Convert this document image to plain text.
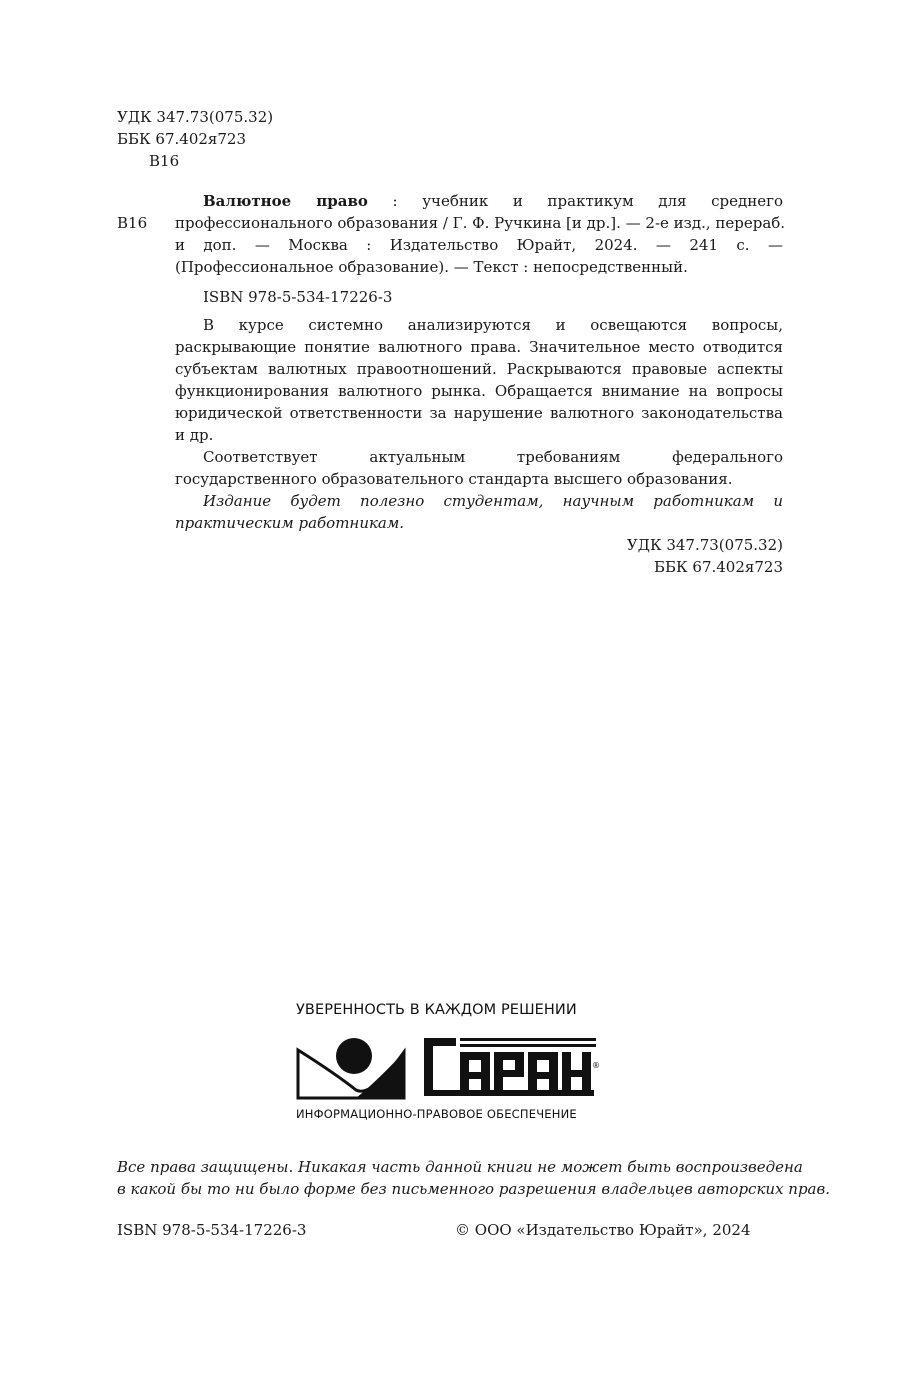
УДК 347.73(075.32)
ББК 67.402я723
В16
В16
Валютное право : учебник и практикум для среднего
профессионального образования / Г. Ф. Ручкина [и др.]. — 2-е изд., перераб.
и доп. — Москва : Издательство Юрайт, 2024. — 241 с. —
(Профессиональное образование). — Текст : непосредственный.
ISBN 978-5-534-17226-3
В курсе системно анализируются и освещаются вопросы, раскрывающие понятие валютного права. Значительное место отводится субъектам валютных правоотношений. Раскрываются правовые аспекты функционирования валютного рынка. Обращается внимание на вопросы юридической ответственности за нарушение валютного законодательства и др.
Соответствует актуальным требованиям федерального государственного образовательного стандарта высшего образования.
Издание будет полезно студентам, научным работникам и практическим работникам.
УДК 347.73(075.32)
ББК 67.402я723
УВЕРЕННОСТЬ В КАЖДОМ РЕШЕНИИ
®
ИНФОРМАЦИОННО-ПРАВОВОЕ ОБЕСПЕЧЕНИЕ
Все права защищены. Никакая часть данной книги не может быть воспроизведена
в какой бы то ни было форме без письменного разрешения владельцев авторских прав.
ISBN 978-5-534-17226-3	© ООО «Издательство Юрайт», 2024
